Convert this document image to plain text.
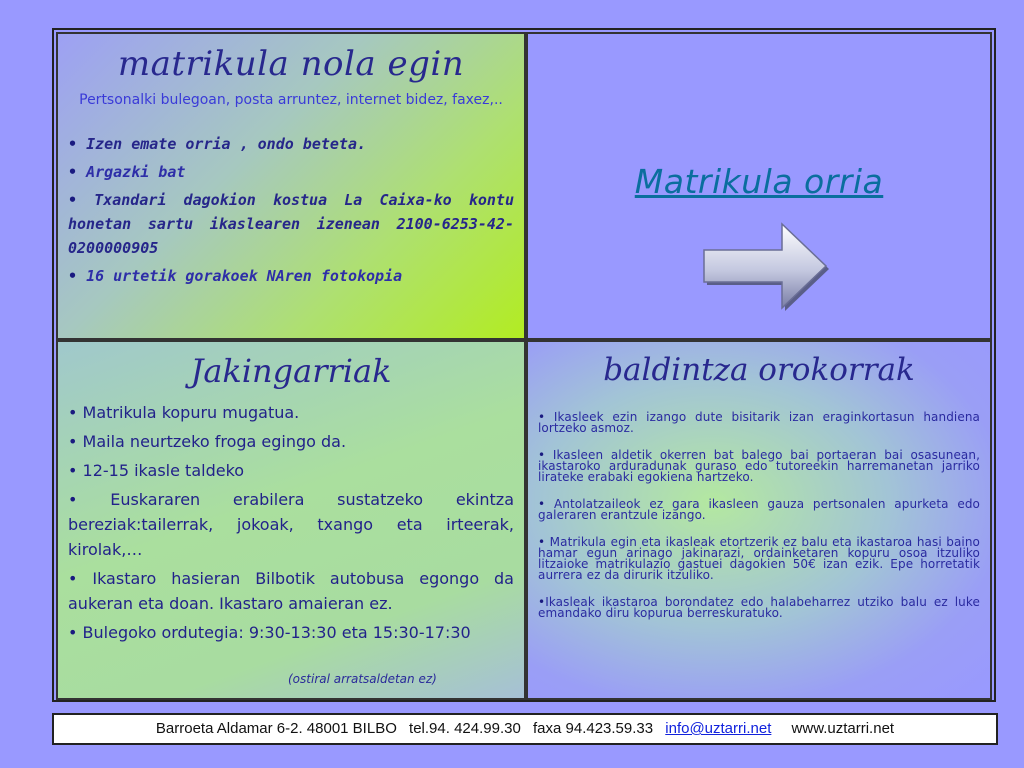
matrikula nola egin
Pertsonalki bulegoan, posta arruntez, internet bidez, faxez,..
• Izen emate orria , ondo beteta.
• Argazki bat
• Txandari dagokion kostua La Caixa-ko kontu honetan sartu ikaslearen izenean 2100-6253-42-0200000905
• 16 urtetik gorakoek NAren fotokopia
Matrikula orria
Jakingarriak
• Matrikula kopuru mugatua.
• Maila neurtzeko froga egingo da.
• 12-15 ikasle taldeko
• Euskararen erabilera sustatzeko ekintza bereziak:tailerrak, jokoak, txango eta irteerak, kirolak,…
• Ikastaro hasieran Bilbotik autobusa egongo da aukeran eta doan. Ikastaro amaieran ez.
• Bulegoko ordutegia: 9:30-13:30 eta 15:30-17:30
(ostiral arratsaldetan ez)
baldintza orokorrak
• Ikasleek ezin izango dute bisitarik izan eraginkortasun handiena lortzeko asmoz.
• Ikasleen aldetik okerren bat balego bai portaeran bai osasunean, ikastaroko arduradunak guraso edo tutoreekin harremanetan jarriko lirateke erabaki egokiena hartzeko.
• Antolatzaileok ez gara ikasleen gauza pertsonalen apurketa edo galeraren erantzule izango.
• Matrikula egin eta ikasleak etortzerik ez balu eta ikastaroa hasi baino hamar egun arinago jakinarazi, ordainketaren kopuru osoa itzuliko litzaioke matrikulazio gastuei dagokien 50€ izan ezik. Epe horretatik aurrera ez da dirurik itzuliko.
•Ikasleak ikastaroa borondatez edo halabeharrez utziko balu ez luke emandako diru kopurua berreskuratuko.
Barroeta Aldamar 6-2. 48001 BILBO tel.94. 424.99.30 faxa 94.423.59.33 info@uztarri.net www.uztarri.net
